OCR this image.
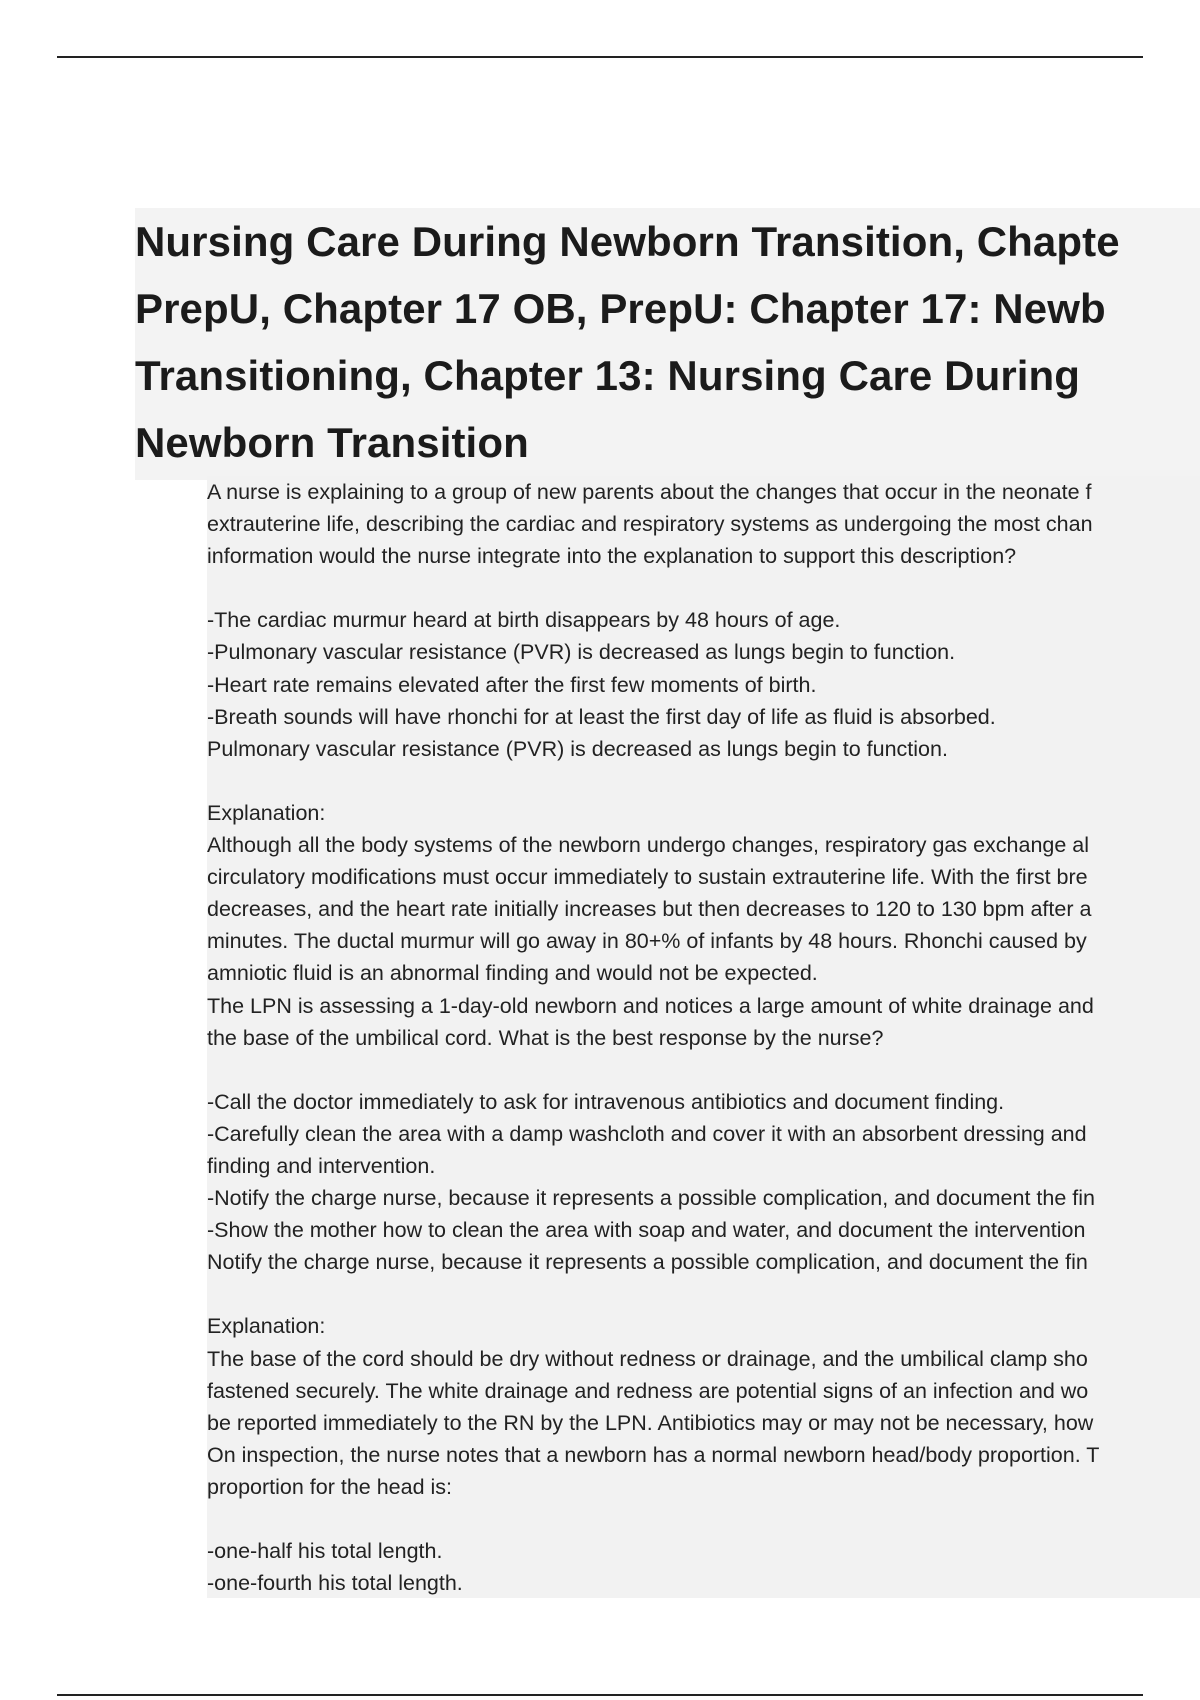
Nursing Care During Newborn Transition, Chapte
PrepU, Chapter 17 OB, PrepU: Chapter 17: Newb
Transitioning, Chapter 13: Nursing Care During
Newborn Transition
A nurse is explaining to a group of new parents about the changes that occur in the neonate f
extrauterine life, describing the cardiac and respiratory systems as undergoing the most chan
information would the nurse integrate into the explanation to support this description?
-The cardiac murmur heard at birth disappears by 48 hours of age.
-Pulmonary vascular resistance (PVR) is decreased as lungs begin to function.
-Heart rate remains elevated after the first few moments of birth.
-Breath sounds will have rhonchi for at least the first day of life as fluid is absorbed.
Pulmonary vascular resistance (PVR) is decreased as lungs begin to function.
Explanation:
Although all the body systems of the newborn undergo changes, respiratory gas exchange al
circulatory modifications must occur immediately to sustain extrauterine life. With the first bre
decreases, and the heart rate initially increases but then decreases to 120 to 130 bpm after a
minutes. The ductal murmur will go away in 80+% of infants by 48 hours. Rhonchi caused by
amniotic fluid is an abnormal finding and would not be expected.
The LPN is assessing a 1-day-old newborn and notices a large amount of white drainage and
the base of the umbilical cord. What is the best response by the nurse?
-Call the doctor immediately to ask for intravenous antibiotics and document finding.
-Carefully clean the area with a damp washcloth and cover it with an absorbent dressing and
finding and intervention.
-Notify the charge nurse, because it represents a possible complication, and document the fin
-Show the mother how to clean the area with soap and water, and document the intervention
Notify the charge nurse, because it represents a possible complication, and document the fin
Explanation:
The base of the cord should be dry without redness or drainage, and the umbilical clamp sho
fastened securely. The white drainage and redness are potential signs of an infection and wo
be reported immediately to the RN by the LPN. Antibiotics may or may not be necessary, how
On inspection, the nurse notes that a newborn has a normal newborn head/body proportion. T
proportion for the head is:
-one-half his total length.
-one-fourth his total length.
